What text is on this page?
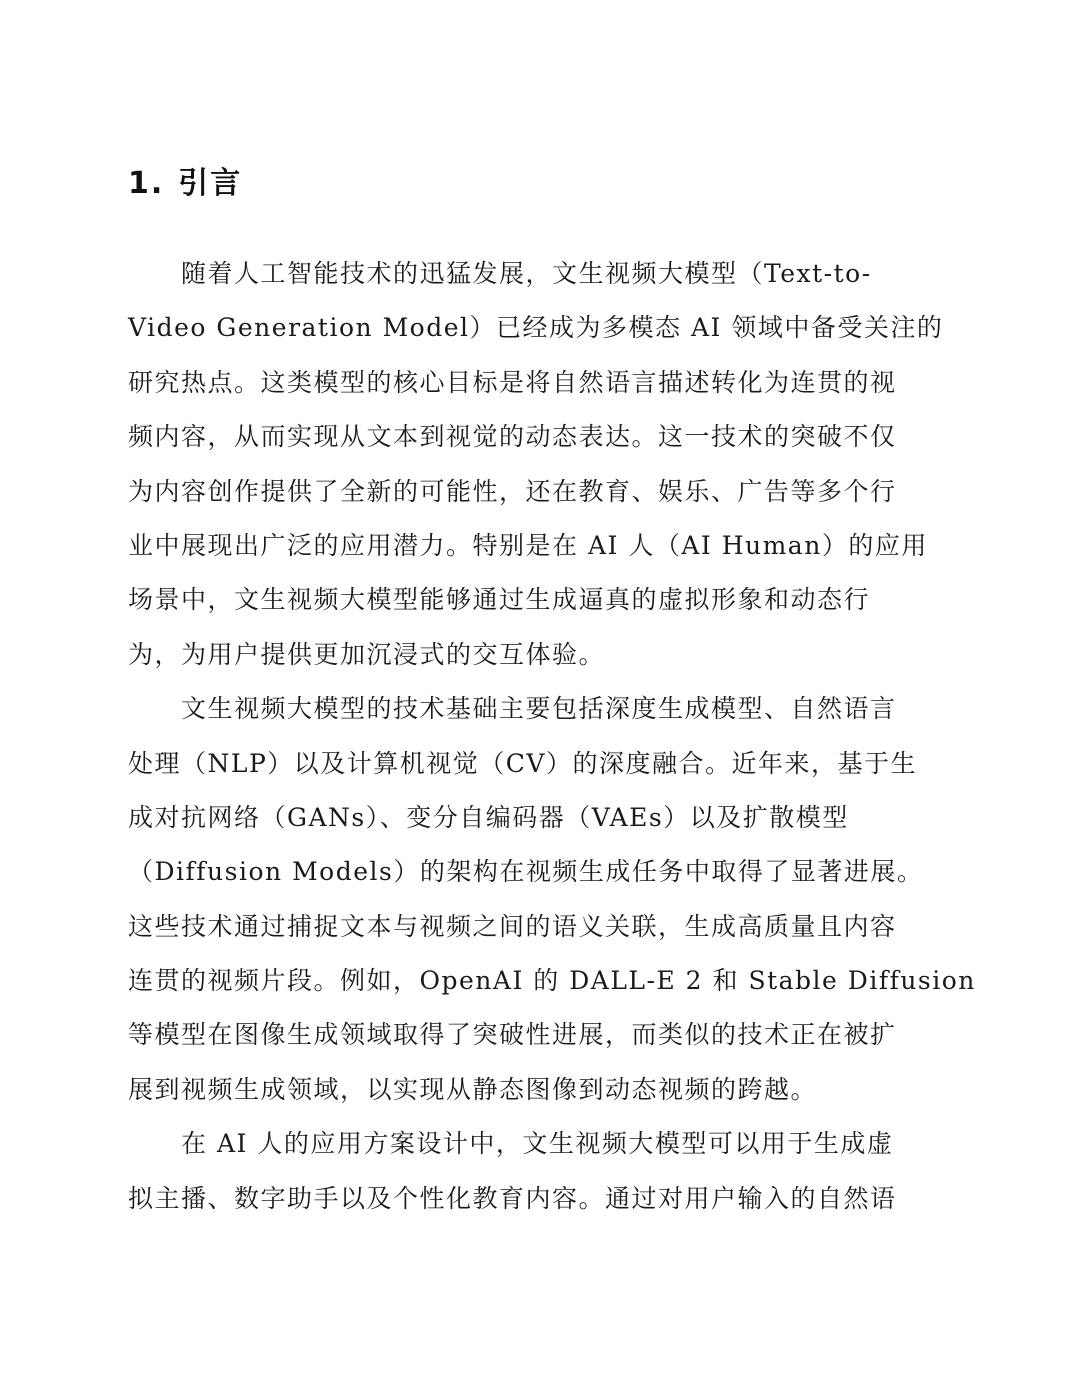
1. 引言
　　随着人工智能技术的迅猛发展，文生视频大模型（Text-to-
Video Generation Model）已经成为多模态 AI 领域中备受关注的
研究热点。这类模型的核心目标是将自然语言描述转化为连贯的视
频内容，从而实现从文本到视觉的动态表达。这一技术的突破不仅
为内容创作提供了全新的可能性，还在教育、娱乐、广告等多个行
业中展现出广泛的应用潜力。特别是在 AI 人（AI Human）的应用
场景中，文生视频大模型能够通过生成逼真的虚拟形象和动态行
为，为用户提供更加沉浸式的交互体验。
　　文生视频大模型的技术基础主要包括深度生成模型、自然语言
处理（NLP）以及计算机视觉（CV）的深度融合。近年来，基于生
成对抗网络（GANs）、变分自编码器（VAEs）以及扩散模型
（Diffusion Models）的架构在视频生成任务中取得了显著进展。
这些技术通过捕捉文本与视频之间的语义关联，生成高质量且内容
连贯的视频片段。例如，OpenAI 的 DALL-E 2 和 Stable Diffusion
等模型在图像生成领域取得了突破性进展，而类似的技术正在被扩
展到视频生成领域，以实现从静态图像到动态视频的跨越。
　　在 AI 人的应用方案设计中，文生视频大模型可以用于生成虚
拟主播、数字助手以及个性化教育内容。通过对用户输入的自然语
